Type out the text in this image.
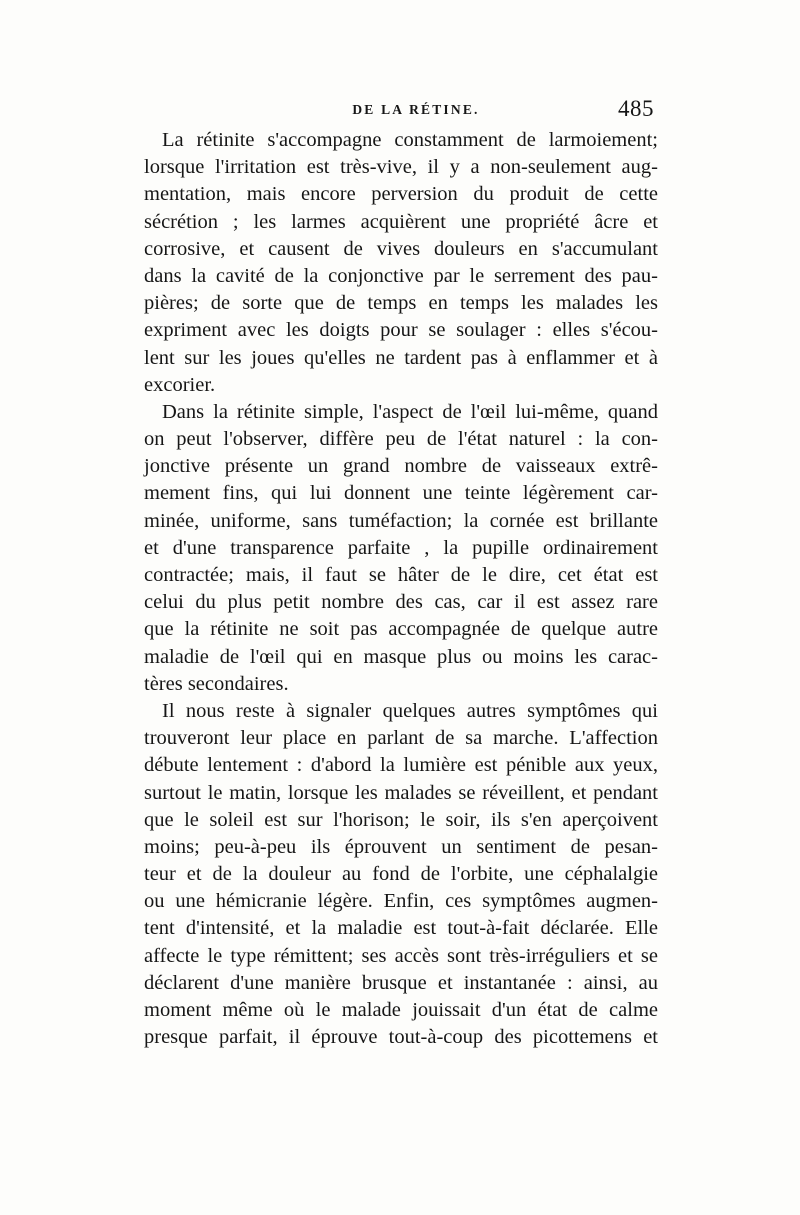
DE LA RÉTINE.	485
La rétinite s'accompagne constamment de larmoiement;
lorsque l'irritation est très-vive, il y a non-seulement aug-
mentation, mais encore perversion du produit de cette
sécrétion ; les larmes acquièrent une propriété âcre et
corrosive, et causent de vives douleurs en s'accumulant
dans la cavité de la conjonctive par le serrement des pau-
pières; de sorte que de temps en temps les malades les
expriment avec les doigts pour se soulager : elles s'écou-
lent sur les joues qu'elles ne tardent pas à enflammer et à
excorier.
Dans la rétinite simple, l'aspect de l'œil lui-même, quand
on peut l'observer, diffère peu de l'état naturel : la con-
jonctive présente un grand nombre de vaisseaux extrê-
mement fins, qui lui donnent une teinte légèrement car-
minée, uniforme, sans tuméfaction; la cornée est brillante
et d'une transparence parfaite , la pupille ordinairement
contractée; mais, il faut se hâter de le dire, cet état est
celui du plus petit nombre des cas, car il est assez rare
que la rétinite ne soit pas accompagnée de quelque autre
maladie de l'œil qui en masque plus ou moins les carac-
tères secondaires.
Il nous reste à signaler quelques autres symptômes qui
trouveront leur place en parlant de sa marche. L'affection
débute lentement : d'abord la lumière est pénible aux yeux,
surtout le matin, lorsque les malades se réveillent, et pendant
que le soleil est sur l'horison; le soir, ils s'en aperçoivent
moins; peu-à-peu ils éprouvent un sentiment de pesan-
teur et de la douleur au fond de l'orbite, une céphalalgie
ou une hémicranie légère. Enfin, ces symptômes augmen-
tent d'intensité, et la maladie est tout-à-fait déclarée. Elle
affecte le type rémittent; ses accès sont très-irréguliers et se
déclarent d'une manière brusque et instantanée : ainsi, au
moment même où le malade jouissait d'un état de calme
presque parfait, il éprouve tout-à-coup des picottemens et
